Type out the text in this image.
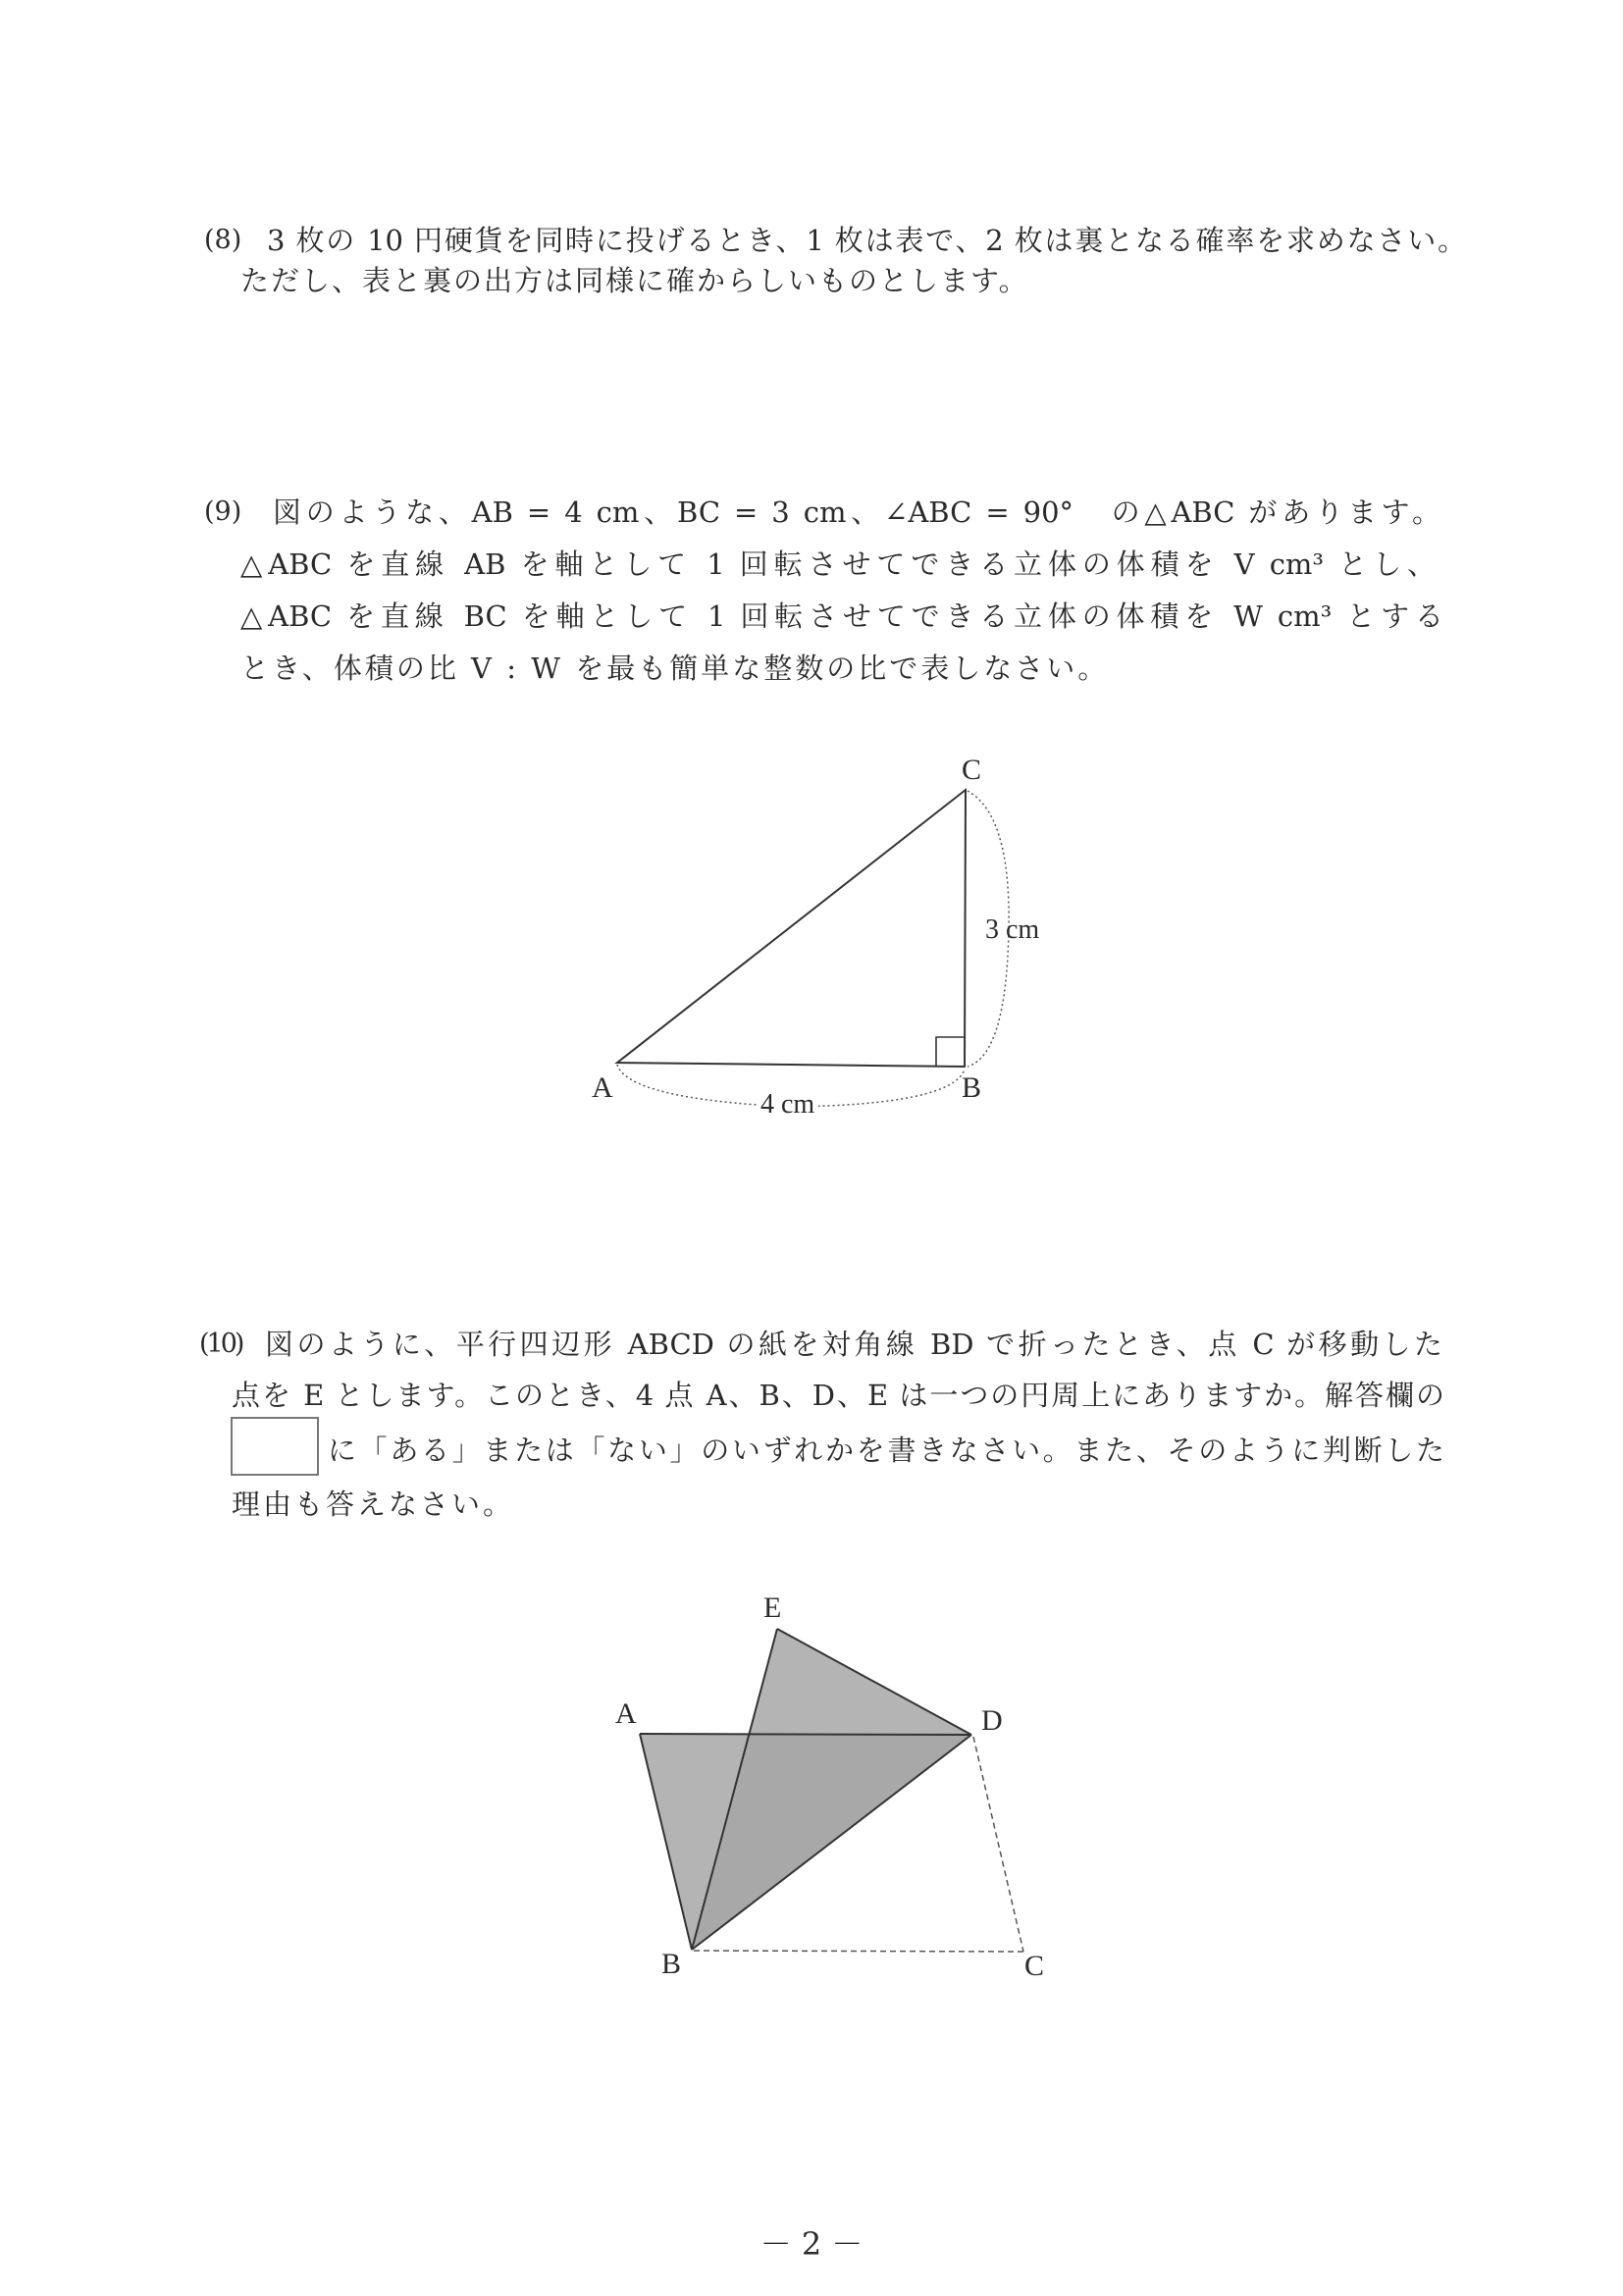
(8) 3 枚の 10 円硬貨を同時に投げるとき、1 枚は表で、2 枚は裏となる確率を求めなさい。
ただし、表と裏の出方は同様に確からしいものとします。
(9) 図のような、AB = 4 cm、BC = 3 cm、∠ABC = 90°　の△ABC があります。
△ABC を直線 AB を軸として 1 回転させてできる立体の体積を V cm³ とし、
△ABC を直線 BC を軸として 1 回転させてできる立体の体積を W cm³ とする
とき、体積の比 V : W を最も簡単な整数の比で表しなさい。
A	B
C
4 cm
3 cm
(10) 図のように、平行四辺形 ABCD の紙を対角線 BD で折ったとき、点 C が移動した
点を E とします。このとき、4 点 A、B、D、E は一つの円周上にありますか。解答欄の
に「ある」または「ない」のいずれかを書きなさい。また、そのように判断した
理由も答えなさい。
E
A	D
B	C
－ 2 －
